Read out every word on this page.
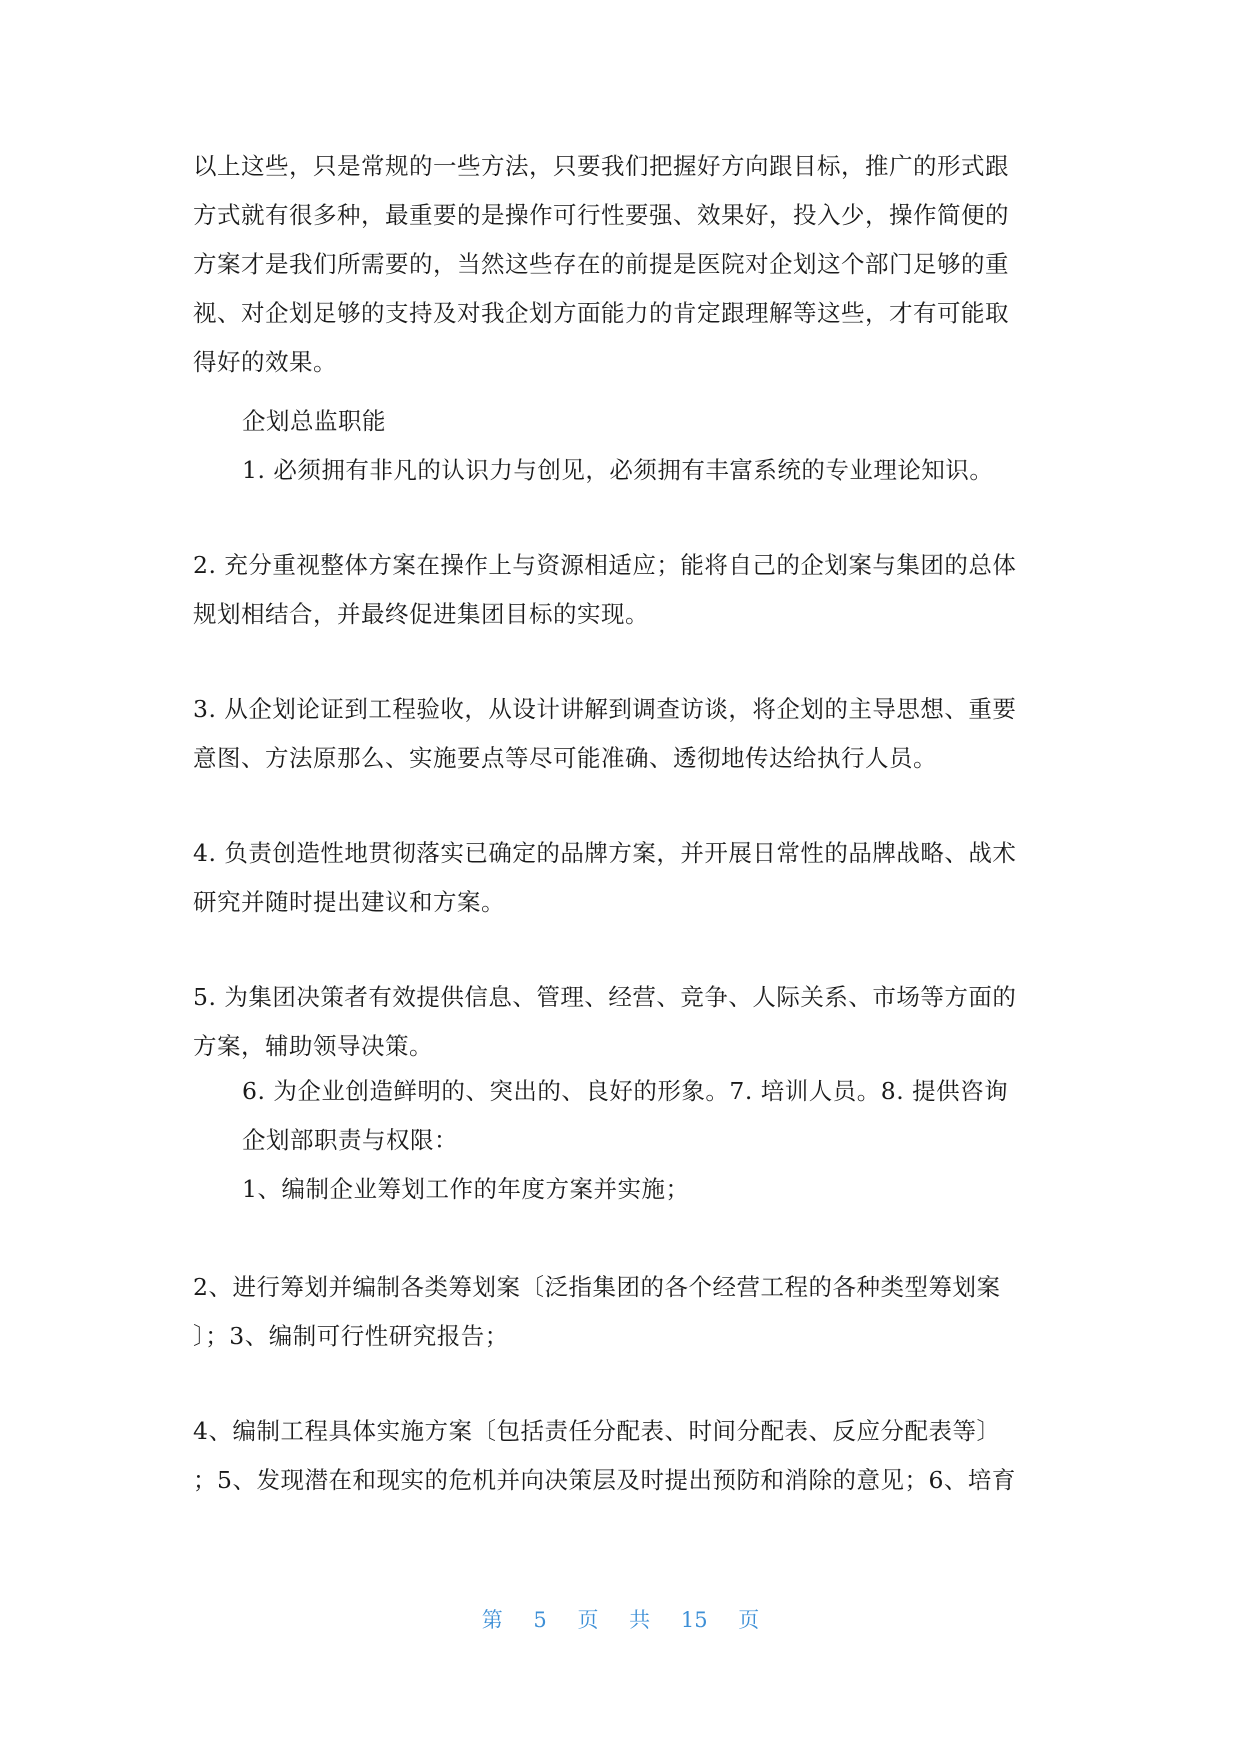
以上这些，只是常规的一些方法，只要我们把握好方向跟目标，推广的形式跟
方式就有很多种，最重要的是操作可行性要强、效果好，投入少，操作简便的
方案才是我们所需要的，当然这些存在的前提是医院对企划这个部门足够的重
视、对企划足够的支持及对我企划方面能力的肯定跟理解等这些，才有可能取
得好的效果。
企划总监职能
1. 必须拥有非凡的认识力与创见，必须拥有丰富系统的专业理论知识。
2. 充分重视整体方案在操作上与资源相适应；能将自己的企划案与集团的总体
规划相结合，并最终促进集团目标的实现。
3. 从企划论证到工程验收，从设计讲解到调查访谈，将企划的主导思想、重要
意图、方法原那么、实施要点等尽可能准确、透彻地传达给执行人员。
4. 负责创造性地贯彻落实已确定的品牌方案，并开展日常性的品牌战略、战术
研究并随时提出建议和方案。
5. 为集团决策者有效提供信息、管理、经营、竞争、人际关系、市场等方面的
方案，辅助领导决策。
6. 为企业创造鲜明的、突出的、良好的形象。7. 培训人员。8. 提供咨询
企划部职责与权限：
1、编制企业筹划工作的年度方案并实施；
2、进行筹划并编制各类筹划案〔泛指集团的各个经营工程的各种类型筹划案
〕；3、编制可行性研究报告；
4、编制工程具体实施方案〔包括责任分配表、时间分配表、反应分配表等〕
；5、发现潜在和现实的危机并向决策层及时提出预防和消除的意见；6、培育
第 5 页 共 15 页
